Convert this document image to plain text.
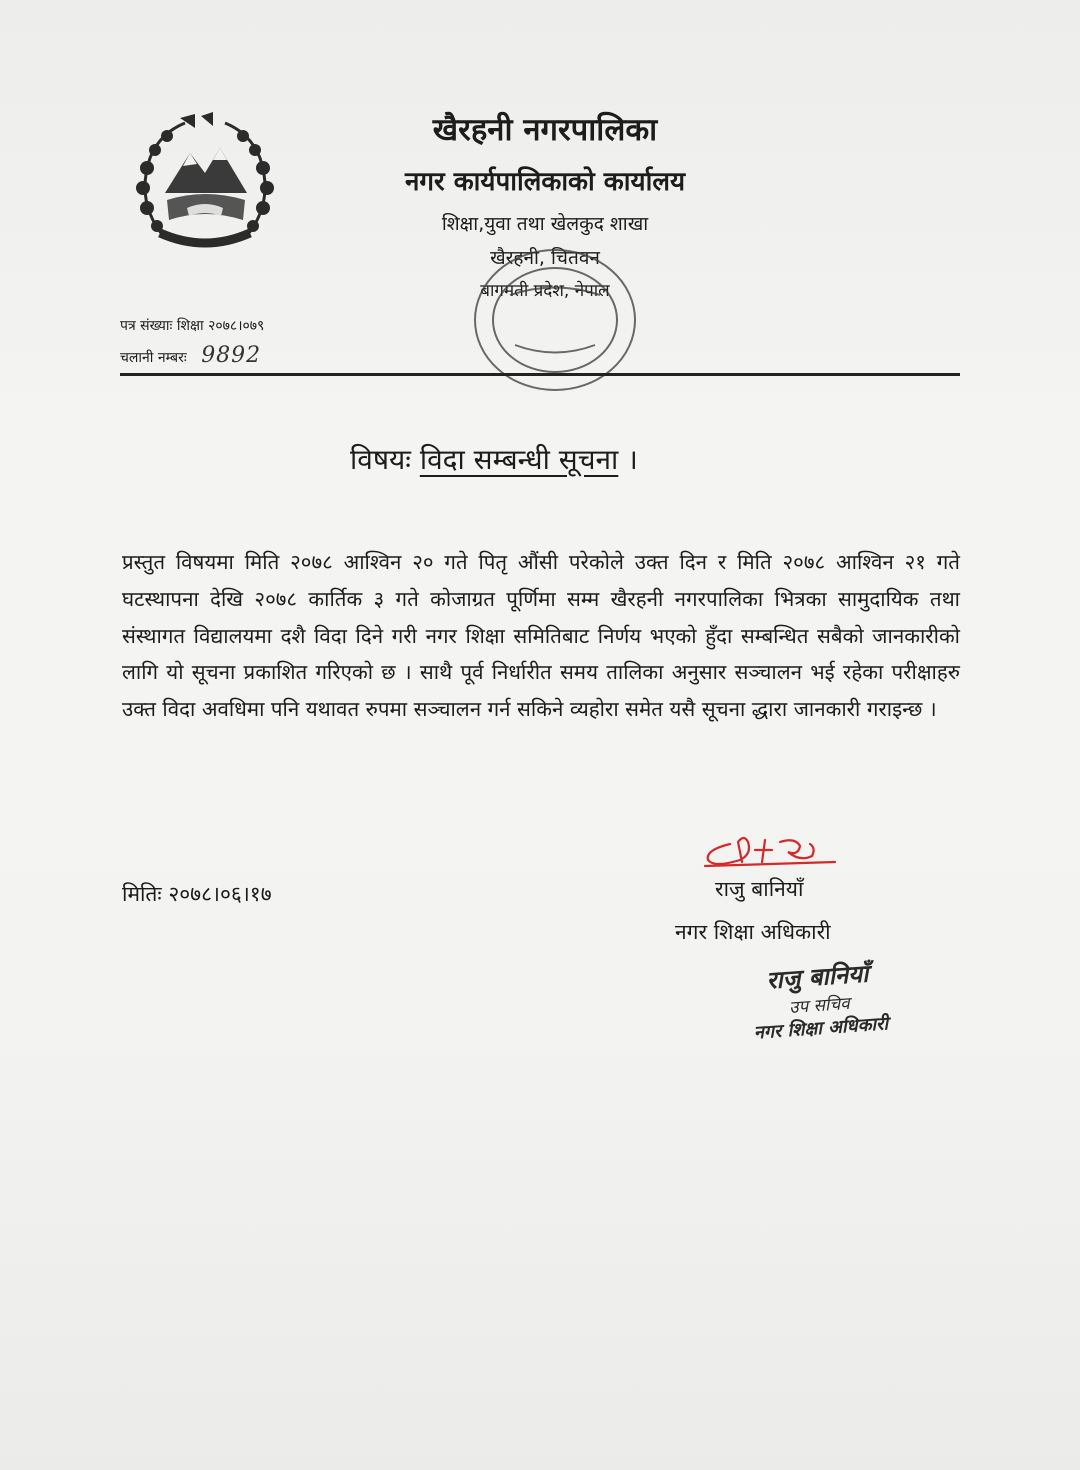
खैरहनी नगरपालिका
नगर कार्यपालिकाको कार्यालय
शिक्षा,युवा तथा खेलकुद शाखा
खैरहनी, चितवन
बागमती प्रदेश, नेपाल
पत्र संख्याः शिक्षा २०७८।०७९
चलानी नम्बरः 9892
विषयः विदा सम्बन्धी सूचना ।

प्रस्तुत विषयमा मिति २०७८ आश्विन २० गते पितृ औंसी परेकोले उक्त दिन र मिति २०७८ आश्विन २१ गते घटस्थापना देखि २०७८ कार्तिक ३ गते कोजाग्रत पूर्णिमा सम्म खैरहनी नगरपालिका भित्रका सामुदायिक तथा संस्थागत विद्यालयमा दशै विदा दिने गरी नगर शिक्षा समितिबाट निर्णय भएको हुँदा सम्बन्धित सबैको जानकारीको लागि यो सूचना प्रकाशित गरिएको छ । साथै पूर्व निर्धारीत समय तालिका अनुसार सञ्चालन भई रहेका परीक्षाहरु उक्त विदा अवधिमा पनि यथावत रुपमा सञ्चालन गर्न सकिने व्यहोरा समेत यसै सूचना द्धारा जानकारी गराइन्छ ।

मितिः २०७८।०६।१७	राजु बानियाँ
नगर शिक्षा अधिकारी
राजु बानियाँ
उप सचिव
नगर शिक्षा अधिकारी
